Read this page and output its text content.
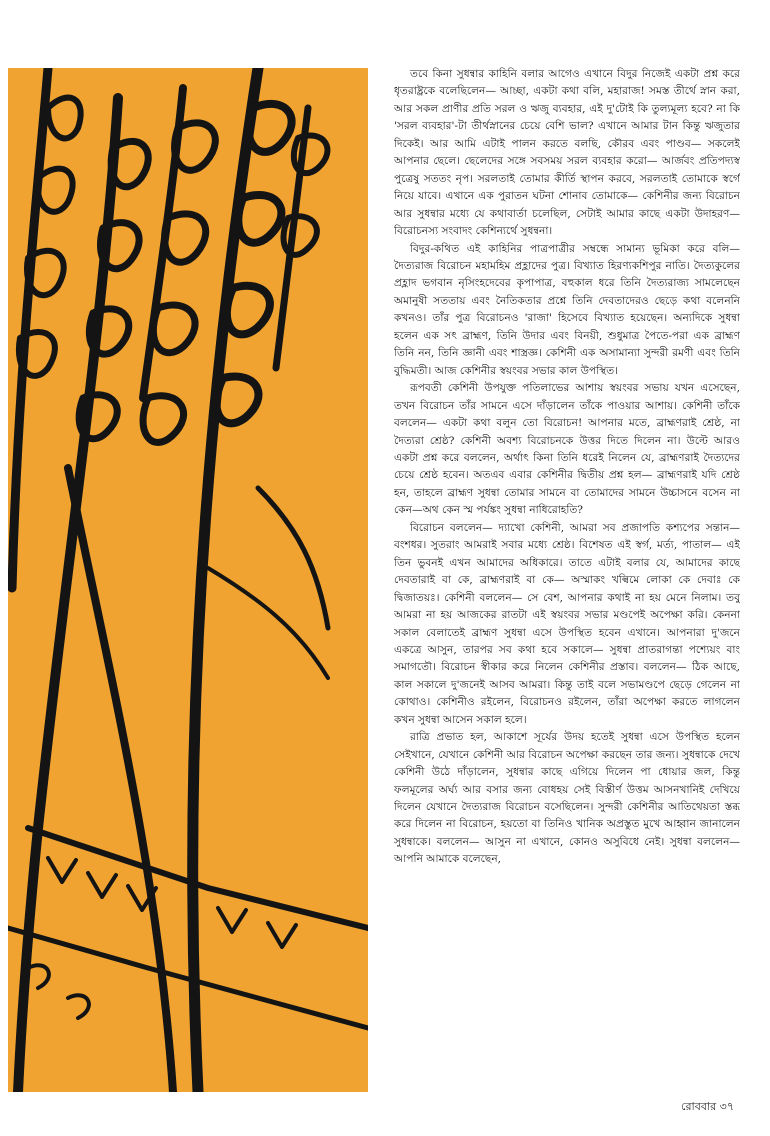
তবে কিনা সুধন্বার কাহিনি বলার আগেও এখানে বিদুর নিজেই একটা প্রশ্ন করে ধৃতরাষ্ট্রকে বলেছিলেন— আচ্ছা, একটা কথা বলি, মহারাজ! সমস্ত তীর্থে স্নান করা, আর সকল প্রাণীর প্রতি সরল ও ঋজু ব্যবহার, এই দু'টোই কি তুল্যমূল্য হবে? না কি 'সরল ব্যবহার'-টা তীর্থস্নানের চেয়ে বেশি ভাল? এখানে আমার টান কিন্তু ঋজুতার দিকেই। আর আমি এটাই পালন করতে বলছি, কৌরব এবং পাণ্ডব— সকলেই আপনার ছেলে। ছেলেদের সঙ্গে সবসময় সরল ব্যবহার করো— আর্জবং প্রতিপদ্যস্ব পুত্রেষু সততং নৃপ। সরলতাই তোমার কীর্তি স্থাপন করবে, সরলতাই তোমাকে স্বর্গে নিয়ে যাবে। এখানে এক পুরাতন ঘটনা শোনাব তোমাকে— কেশিনীর জন্য বিরোচন আর সুধন্বার মধ্যে যে কথাবার্তা চলেছিল, সেটাই আমার কাছে একটা উদাহরণ— বিরোচনস্য সংবাদং কেশিন্যর্থে সুধন্বনা।

বিদুর-কথিত এই কাহিনির পাত্রপাত্রীর সম্বন্ধে সামান্য ভূমিকা করে বলি— দৈত্যরাজ বিরোচন মহামহিম প্রহ্লাদের পুত্র। বিখ্যাত হিরণ্যকশিপুর নাতি। দৈত্যকুলের প্রহ্লাদ ভগবান নৃসিংহদেবের কৃপাপাত্র, বহুকাল ধরে তিনি দৈত্যরাজ্য সামলেছেন অমানুষী সততায় এবং নৈতিকতার প্রশ্নে তিনি দেবতাদেরও ছেড়ে কথা বলেননি কখনও। তাঁর পুত্র বিরোচনও 'রাজা' হিসেবে বিখ্যাত হয়েছেন। অন্যদিকে সুধন্বা হলেন এক সৎ ব্রাহ্মণ, তিনি উদার এবং বিনয়ী, শুধুমাত্র পৈতে-পরা এক ব্রাহ্মণ তিনি নন, তিনি জ্ঞানী এবং শাস্ত্রজ্ঞ। কেশিনী এক অসামান্যা সুন্দরী রমণী এবং তিনি বুদ্ধিমতী। আজ কেশিনীর স্বয়ংবর সভার কাল উপস্থিত।

রূপবতী কেশিনী উপযুক্ত পতিলাভের আশায় স্বয়ংবর সভায় যখন এসেছেন, তখন বিরোচন তাঁর সামনে এসে দাঁড়ালেন তাঁকে পাওয়ার আশায়। কেশিনী তাঁকে বললেন— একটা কথা বলুন তো বিরোচন! আপনার মতে, ব্রাহ্মণরাই শ্রেষ্ঠ, না দৈত্যরা শ্রেষ্ঠ? কেশিনী অবশ্য বিরোচনকে উত্তর দিতে দিলেন না। উল্টে আরও একটা প্রশ্ন করে বললেন, অর্থাৎ কিনা তিনি ধরেই নিলেন যে, ব্রাহ্মণরাই দৈত্যদের চেয়ে শ্রেষ্ঠ হবেন। অতএব এবার কেশিনীর দ্বিতীয় প্রশ্ন হল— ব্রাহ্মণরাই যদি শ্রেষ্ঠ হন, তাহলে ব্রাহ্মণ সুধন্বা তোমার সামনে বা তোমাদের সামনে উচ্চাসনে বসেন না কেন—অথ কেন স্ম পর্যঙ্কং সুধন্বা নাধিরোহতি?

বিরোচন বললেন— দ্যাখো কেশিনী, আমরা সব প্রজাপতি কশ্যপের সন্তান— বংশধর। সুতরাং আমরাই সবার মধ্যে শ্রেষ্ঠ। বিশেষত এই স্বর্গ, মর্ত্য, পাতাল— এই তিন ভুবনই এখন আমাদের অধিকারে। তাতে এটাই বলার যে, আমাদের কাছে দেবতারাই বা কে, ব্রাহ্মণরাই বা কে— অস্মাকং খল্বিমে লোকা কে দেবাঃ কে দ্বিজাতয়ঃ। কেশিনী বললেন— সে বেশ, আপনার কথাই না হয় মেনে নিলাম। তবু আমরা না হয় আজকের রাতটা এই স্বয়ংবর সভার মণ্ডপেই অপেক্ষা করি। কেননা সকাল বেলাতেই ব্রাহ্মণ সুধন্বা এসে উপস্থিত হবেন এখানে। আপনারা দু'জনে একত্রে আসুন, তারপর সব কথা হবে সকালে— সুধন্বা প্রাতরাগন্তা পশ্যেয়ং বাং সমাগতৌ। বিরোচন স্বীকার করে নিলেন কেশিনীর প্রস্তাব। বললেন— ঠিক আছে, কাল সকালে দু'জনেই আসব আমরা। কিন্তু তাই বলে সভামণ্ডপে ছেড়ে গেলেন না কোথাও। কেশিনীও রইলেন, বিরোচনও রইলেন, তাঁরা অপেক্ষা করতে লাগলেন কখন সুধন্বা আসেন সকাল হলে।

রাত্রি প্রভাত হল, আকাশে সূর্যের উদয় হতেই সুধন্বা এসে উপস্থিত হলেন সেইখানে, যেখানে কেশিনী আর বিরোচন অপেক্ষা করছেন তার জন্য। সুধন্বাকে দেখে কেশিনী উঠে দাঁড়ালেন, সুধন্বার কাছে এগিয়ে দিলেন পা ধোয়ার জল, কিন্তু ফলমূলের অর্ঘ্য আর বসার জন্য বোধহয় সেই বিস্তীর্ণ উত্তম আসনখানিই দেখিয়ে দিলেন যেখানে দৈত্যরাজ বিরোচন বসেছিলেন। সুন্দরী কেশিনীর আতিথেয়তা স্তব্ধ করে দিলেন না বিরোচন, হয়তো বা তিনিও খানিক অপ্রস্তুত মুখে আহ্বান জানালেন সুধন্বাকে। বললেন— আসুন না এখানে, কোনও অসুবিধে নেই। সুধন্বা বললেন— আপনি আমাকে বলেছেন,

রোববার ৩৭
